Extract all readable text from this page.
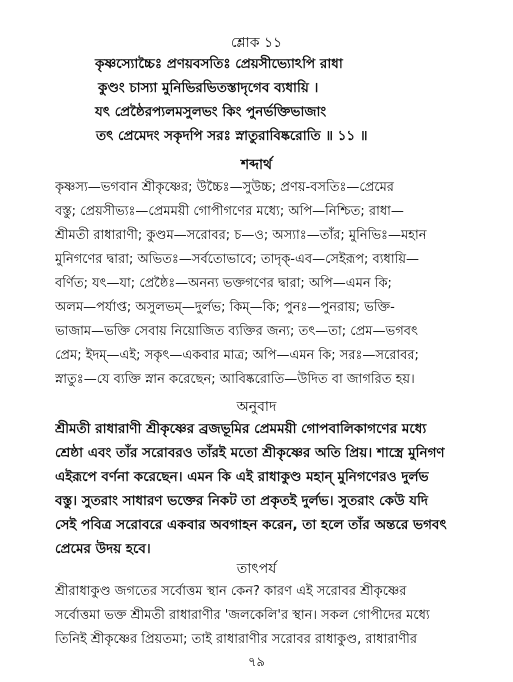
শ্লোক ১১
কৃষ্ণস্যোচ্চৈঃ প্রণয়বসতিঃ প্রেয়সীভ্যোঽপি রাধা
কুণ্ডং চাস্যা মুনিভিরভিতস্তাদৃগেব ব্যধায়ি ।
যৎ প্রেষ্ঠৈরপ্যলমসুলভং কিং পুনর্ভক্তিভাজাং
তৎ প্রেমেদং সকৃদপি সরঃ স্নাতুরাবিষ্করোতি ॥ ১১ ॥
শব্দার্থ
কৃষ্ণস্য—ভগবান শ্রীকৃষ্ণের; উচ্চৈঃ—সুউচ্চ; প্রণয়-বসতিঃ—প্রেমের
বস্তু; প্রেয়সীভ্যঃ—প্রেমময়ী গোপীগণের মধ্যে; অপি—নিশ্চিত; রাধা—
শ্রীমতী রাধারাণী; কুণ্ডম—সরোবর; চ—ও; অস্যাঃ—তাঁর; মুনিভিঃ—মহান
মুনিগণের দ্বারা; অভিতঃ—সর্বতোভাবে; তাদৃক্‌-এব—সেইরূপ; ব্যধায়ি—
বর্ণিত; যৎ—যা; প্রেষ্ঠৈঃ—অনন্য ভক্তগণের দ্বারা; অপি—এমন কি;
অলম—পর্যাপ্ত; অসুলভম্—দুর্লভ; কিম্—কি; পুনঃ—পুনরায়; ভক্তি-
ভাজাম—ভক্তি সেবায় নিয়োজিত ব্যক্তির জন্য; তৎ—তা; প্রেম—ভগবৎ
প্রেম; ইদম্—এই; সকৃৎ—একবার মাত্র; অপি—এমন কি; সরঃ—সরোবর;
স্নাতুঃ—যে ব্যক্তি স্নান করেছেন; আবিষ্করোতি—উদিত বা জাগরিত হয়।
অনুবাদ
শ্রীমতী রাধারাণী শ্রীকৃষ্ণের ব্রজভূমির প্রেমময়ী গোপবালিকাগণের মধ্যে
শ্রেষ্ঠা এবং তাঁর সরোবরও তাঁরই মতো শ্রীকৃষ্ণের অতি প্রিয়। শাস্ত্রে মুনিগণ
এইরূপে বর্ণনা করেছেন। এমন কি এই রাধাকুণ্ড মহান্ মুনিগণেরও দুর্লভ
বস্তু। সুতরাং সাধারণ ভক্তের নিকট তা প্রকৃতই দুর্লভ। সুতরাং কেউ যদি
সেই পবিত্র সরোবরে একবার অবগাহন করেন, তা হলে তাঁর অন্তরে ভগবৎ
প্রেমের উদয় হবে।
তাৎপর্য
শ্রীরাধাকুণ্ড জগতের সর্বোত্তম স্থান কেন? কারণ এই সরোবর শ্রীকৃষ্ণের
সর্বোত্তমা ভক্ত শ্রীমতী রাধারাণীর 'জলকেলি'র স্থান। সকল গোপীদের মধ্যে
তিনিই শ্রীকৃষ্ণের প্রিয়তমা; তাই রাধারাণীর সরোবর রাধাকুণ্ড, রাধারাণীর
৭৯
